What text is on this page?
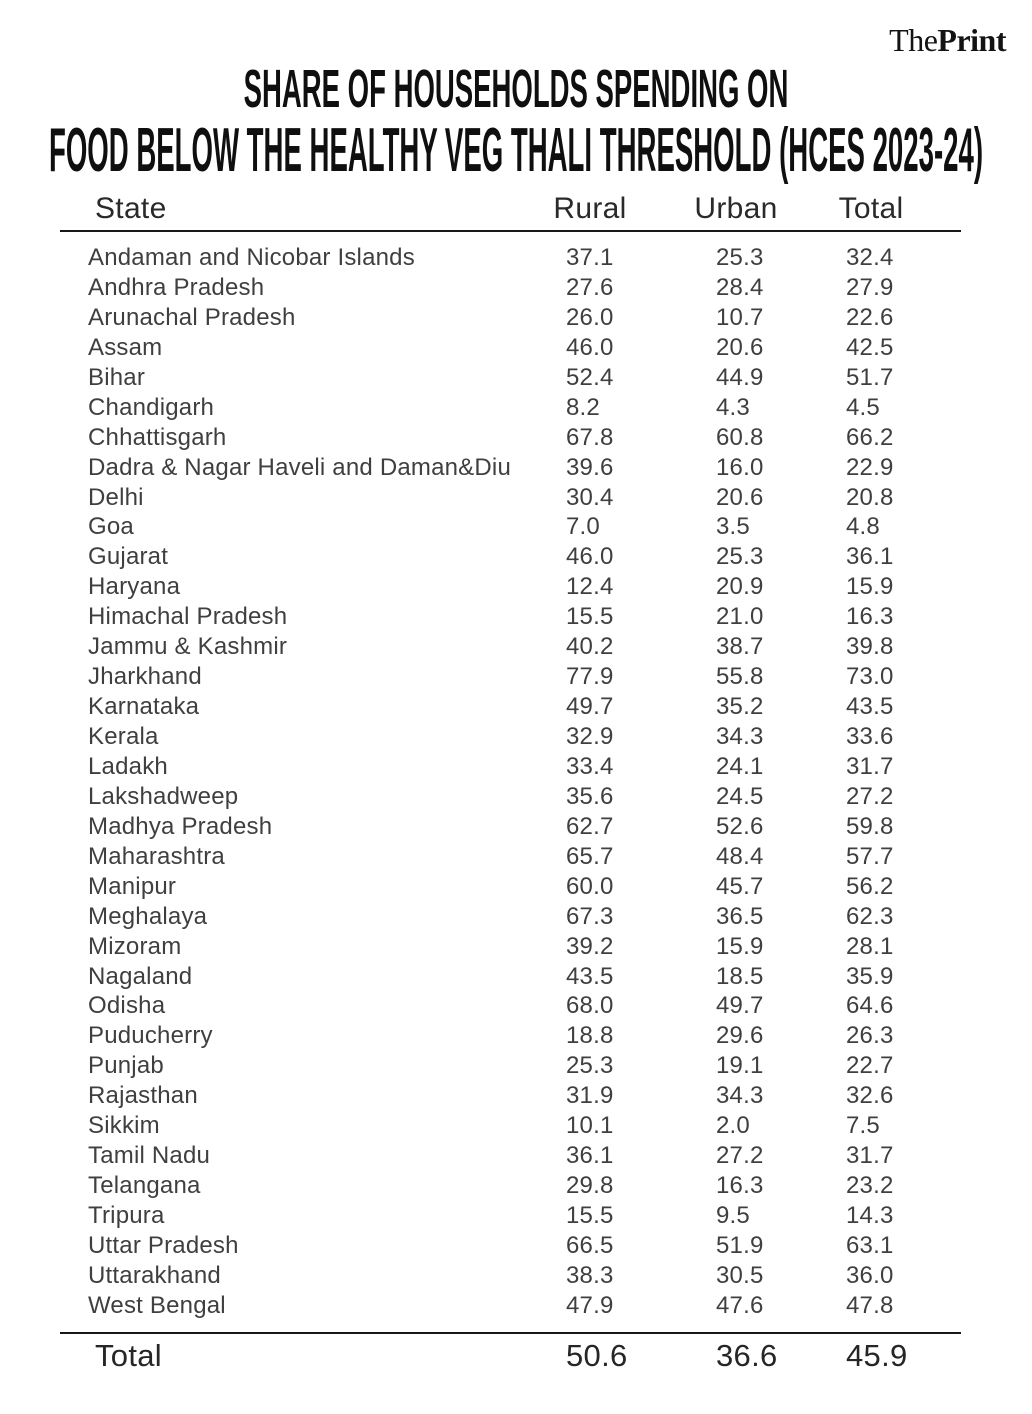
ThePrint
SHARE OF HOUSEHOLDS SPENDING ON
FOOD BELOW THE HEALTHY VEG THALI THRESHOLD (HCES 2023-24)
State	Rural Urban Total
Andaman and Nicobar Islands	37.1	25.3	32.4
Andhra Pradesh	27.6	28.4	27.9
Arunachal Pradesh	26.0	10.7	22.6
Assam	46.0	20.6	42.5
Bihar	52.4	44.9	51.7
Chandigarh	8.2	4.3	4.5
Chhattisgarh	67.8	60.8	66.2
Dadra & Nagar Haveli and Daman&Diu	39.6	16.0	22.9
Delhi	30.4	20.6	20.8
Goa	7.0	3.5	4.8
Gujarat	46.0	25.3	36.1
Haryana	12.4	20.9	15.9
Himachal Pradesh	15.5	21.0	16.3
Jammu & Kashmir	40.2	38.7	39.8
Jharkhand	77.9	55.8	73.0
Karnataka	49.7	35.2	43.5
Kerala	32.9	34.3	33.6
Ladakh	33.4	24.1	31.7
Lakshadweep	35.6	24.5	27.2
Madhya Pradesh	62.7	52.6	59.8
Maharashtra	65.7	48.4	57.7
Manipur	60.0	45.7	56.2
Meghalaya	67.3	36.5	62.3
Mizoram	39.2	15.9	28.1
Nagaland	43.5	18.5	35.9
Odisha	68.0	49.7	64.6
Puducherry	18.8	29.6	26.3
Punjab	25.3	19.1	22.7
Rajasthan	31.9	34.3	32.6
Sikkim	10.1	2.0	7.5
Tamil Nadu	36.1	27.2	31.7
Telangana	29.8	16.3	23.2
Tripura	15.5	9.5	14.3
Uttar Pradesh	66.5	51.9	63.1
Uttarakhand	38.3	30.5	36.0
West Bengal	47.9	47.6	47.8
Total	50.6	36.6	45.9
